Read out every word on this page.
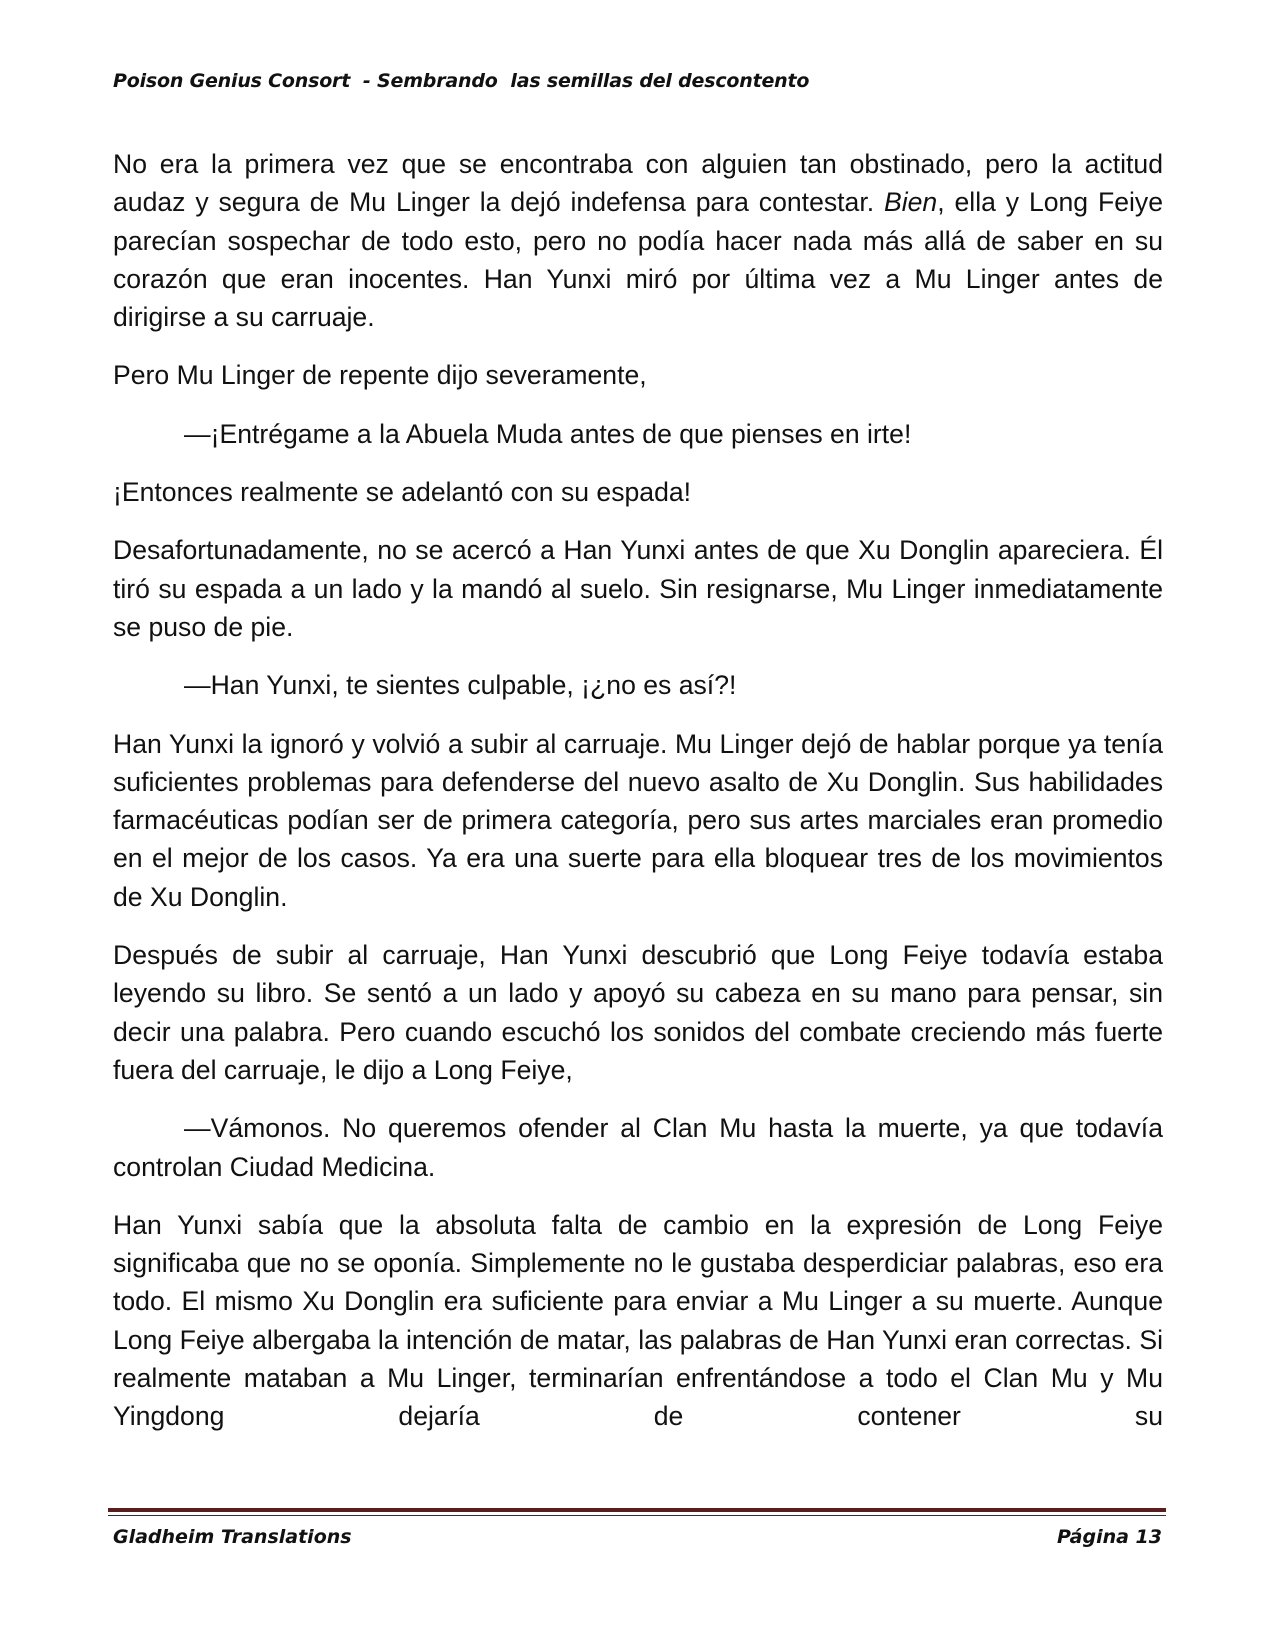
Poison Genius Consort  - Sembrando  las semillas del descontento

No era la primera vez que se encontraba con alguien tan obstinado, pero la actitud audaz y segura de Mu Linger la dejó indefensa para contestar. Bien, ella y Long Feiye parecían sospechar de todo esto, pero no podía hacer nada más allá de saber en su corazón que eran inocentes. Han Yunxi miró por última vez a Mu Linger antes de dirigirse a su carruaje.

Pero Mu Linger de repente dijo severamente,

—¡Entrégame a la Abuela Muda antes de que pienses en irte!

¡Entonces realmente se adelantó con su espada!

Desafortunadamente, no se acercó a Han Yunxi antes de que Xu Donglin apareciera. Él tiró su espada a un lado y la mandó al suelo. Sin resignarse, Mu Linger inmediatamente se puso de pie.

—Han Yunxi, te sientes culpable, ¡¿no es así?!

Han Yunxi la ignoró y volvió a subir al carruaje. Mu Linger dejó de hablar porque ya tenía suficientes problemas para defenderse del nuevo asalto de Xu Donglin. Sus habilidades farmacéuticas podían ser de primera categoría, pero sus artes marciales eran promedio en el mejor de los casos. Ya era una suerte para ella bloquear tres de los movimientos de Xu Donglin.

Después de subir al carruaje, Han Yunxi descubrió que Long Feiye todavía estaba leyendo su libro. Se sentó a un lado y apoyó su cabeza en su mano para pensar, sin decir una palabra. Pero cuando escuchó los sonidos del combate creciendo más fuerte fuera del carruaje, le dijo a Long Feiye,

—Vámonos. No queremos ofender al Clan Mu hasta la muerte, ya que todavía controlan Ciudad Medicina.

Han Yunxi sabía que la absoluta falta de cambio en la expresión de Long Feiye significaba que no se oponía. Simplemente no le gustaba desperdiciar palabras, eso era todo. El mismo Xu Donglin era suficiente para enviar a Mu Linger a su muerte. Aunque Long Feiye albergaba la intención de matar, las palabras de Han Yunxi eran correctas. Si realmente mataban a Mu Linger, terminarían enfrentándose a todo el Clan Mu y Mu Yingdong dejaría de contener su

Gladheim Translations	Página 13
